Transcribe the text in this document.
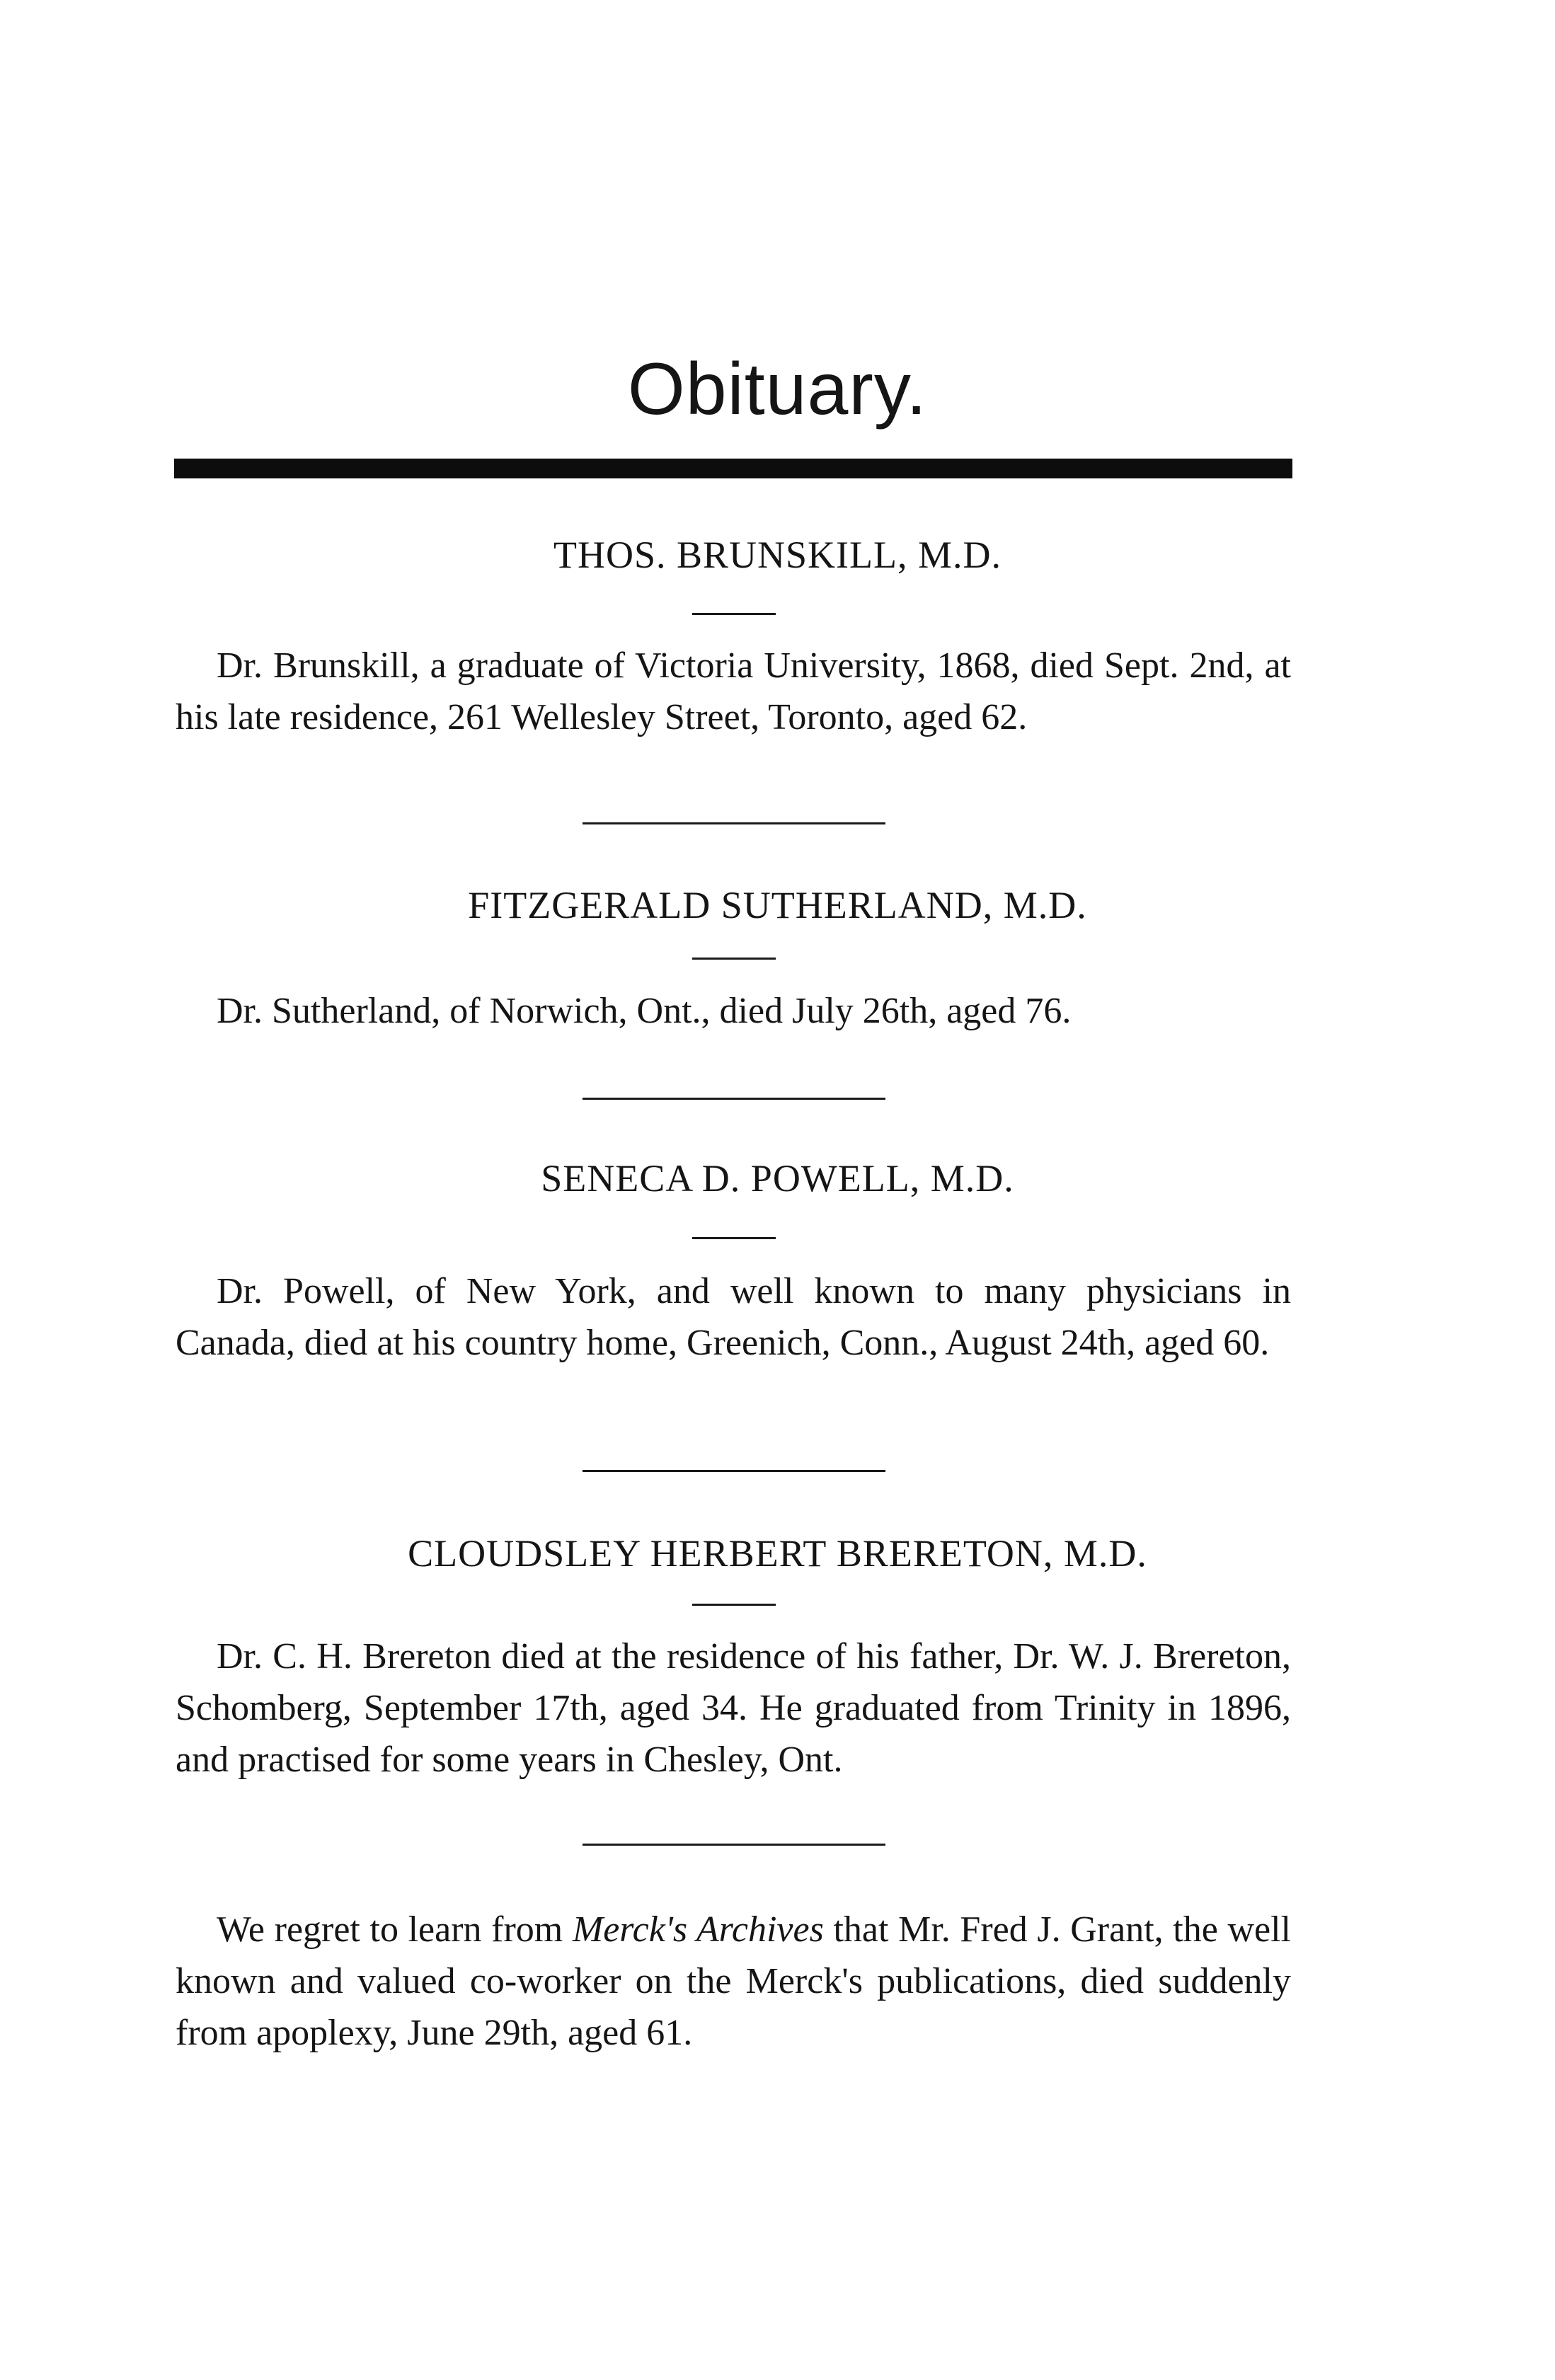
Obituary.
THOS. BRUNSKILL, M.D.

Dr. Brunskill, a graduate of Victoria University, 1868, died Sept. 2nd, at his late residence, 261 Wellesley Street, Toronto, aged 62.

FITZGERALD SUTHERLAND, M.D.

Dr. Sutherland, of Norwich, Ont., died July 26th, aged 76.

SENECA D. POWELL, M.D.

Dr. Powell, of New York, and well known to many physicians in Canada, died at his country home, Greenich, Conn., August 24th, aged 60.

CLOUDSLEY HERBERT BRERETON, M.D.

Dr. C. H. Brereton died at the residence of his father, Dr. W. J. Brereton, Schomberg, September 17th, aged 34. He graduated from Trinity in 1896, and practised for some years in Chesley, Ont.

We regret to learn from Merck's Archives that Mr. Fred J. Grant, the well known and valued co-worker on the Merck's publications, died suddenly from apoplexy, June 29th, aged 61.
